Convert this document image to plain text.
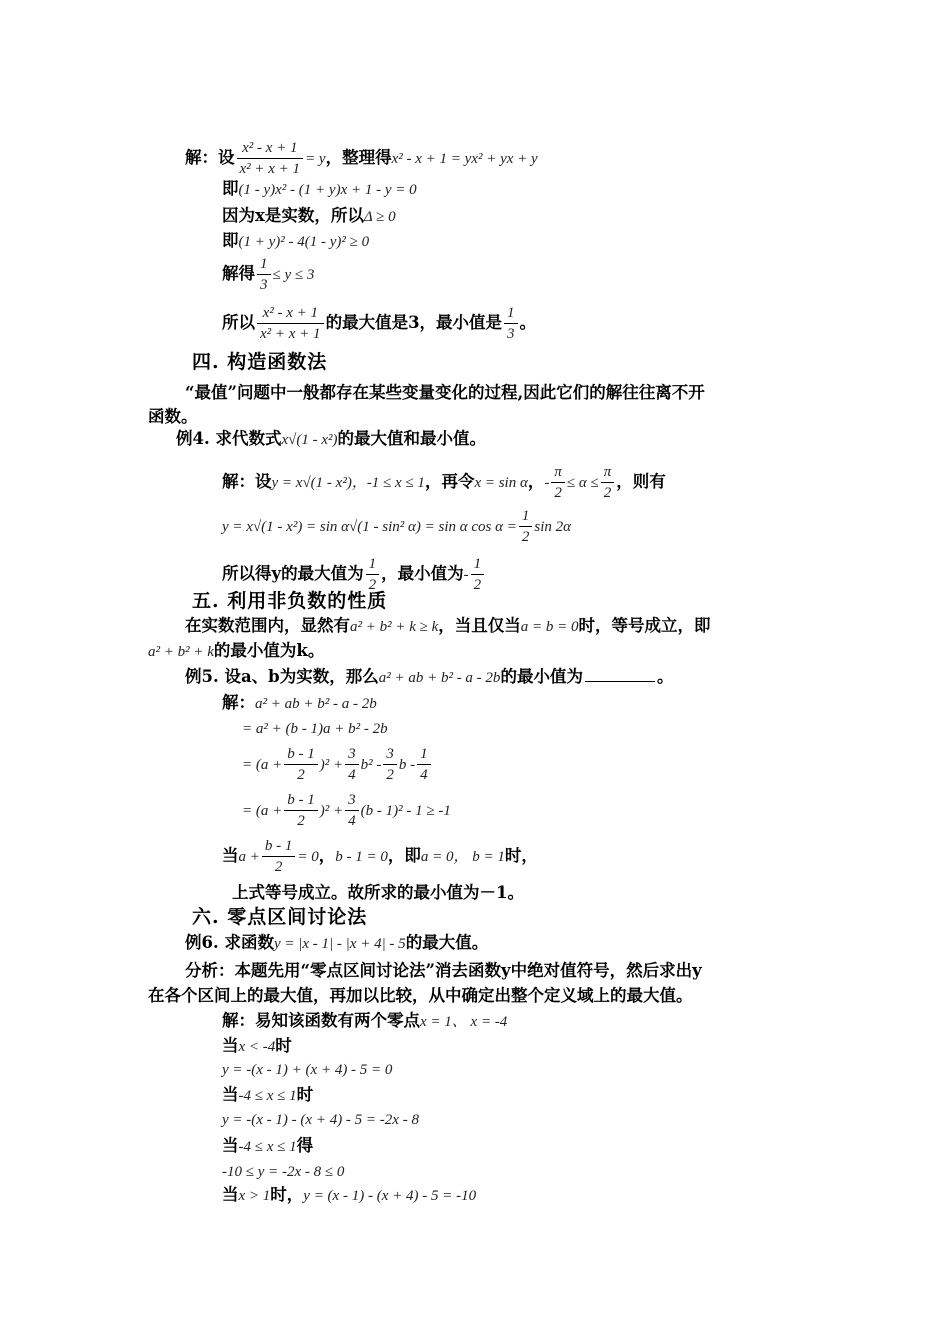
解：设 $\frac{\text{x² - x + 1}}{\text{x² + x + 1}} = y$，整理得x² - x + 1 = yx² + yx + y
即(1 - y)x² - (1 + y)x + 1 - y = 0
因为x是实数，所以Δ ≥ 0
即(1 + y)² - 4(1 - y)² ≥ 0
解得 $\frac{1}{3} \le y \le 3$
所以 $\frac{\text{x² - x + 1}}{\text{x² + x + 1}}$ 的最大值是3，最小值是 $\frac{1}{3}$ 。
四. 构造函数法
“最值”问题中一般都存在某些变量变化的过程,因此它们的解往往离不开
函数。
例4. 求代数式x√(1 - x²)的最大值和最小值。
解：设y = x√(1 - x²)，-1 ≤ x ≤ 1，再令x = sin α，- $\frac{\pi}{2} \le \alpha \le \frac{\pi}{2}$ ，则有
y = x√(1 - x²) = sin α√(1 - sin² α) = sin α $\cos \alpha = \frac{1}{2}$ sin 2α
所以得y的最大值为 $\frac{1}{2}$ ，最小值为- $\frac{1}{2}$
五. 利用非负数的性质
在实数范围内，显然有a² + b² + k ≥ k，当且仅当a = b = 0时，等号成立，即
a² + b² + k的最小值为k。
例5. 设a、b为实数，那么a² + ab + b² - a - 2b的最小值为	。
解：a² + ab + b² - a - 2b
= a² + (b - 1)a + b² - 2b
= $(a + \frac{b - 1}{2} )^2 + \frac{3}{4} b^2 - \frac{3}{2}$ b - $\frac{1}{4}$
= $(a + \frac{b - 1}{2} )^2 + \frac{3}{4} (b - 1)^2 - 1 \ge -1$
当$a + \frac{b - 1}{2} = 0$，b - 1 = 0，即a = 0， b = 1时，
上式等号成立。故所求的最小值为－1。
六. 零点区间讨论法
例6. 求函数y = |x - 1| - |x + 4| - 5的最大值。
分析：本题先用“零点区间讨论法”消去函数y中绝对值符号，然后求出y
在各个区间上的最大值，再加以比较，从中确定出整个定义域上的最大值。
解：易知该函数有两个零点x = 1、 x = -4
当x < -4时
y = -(x - 1) + (x + 4) - 5 = 0
当-4 ≤ x ≤ 1时
y = -(x - 1) - (x + 4) - 5 = -2x - 8
当-4 ≤ x ≤ 1得
-10 ≤ y = -2x - 8 ≤ 0
当x > 1时，y = (x - 1) - (x + 4) - 5 = -10
